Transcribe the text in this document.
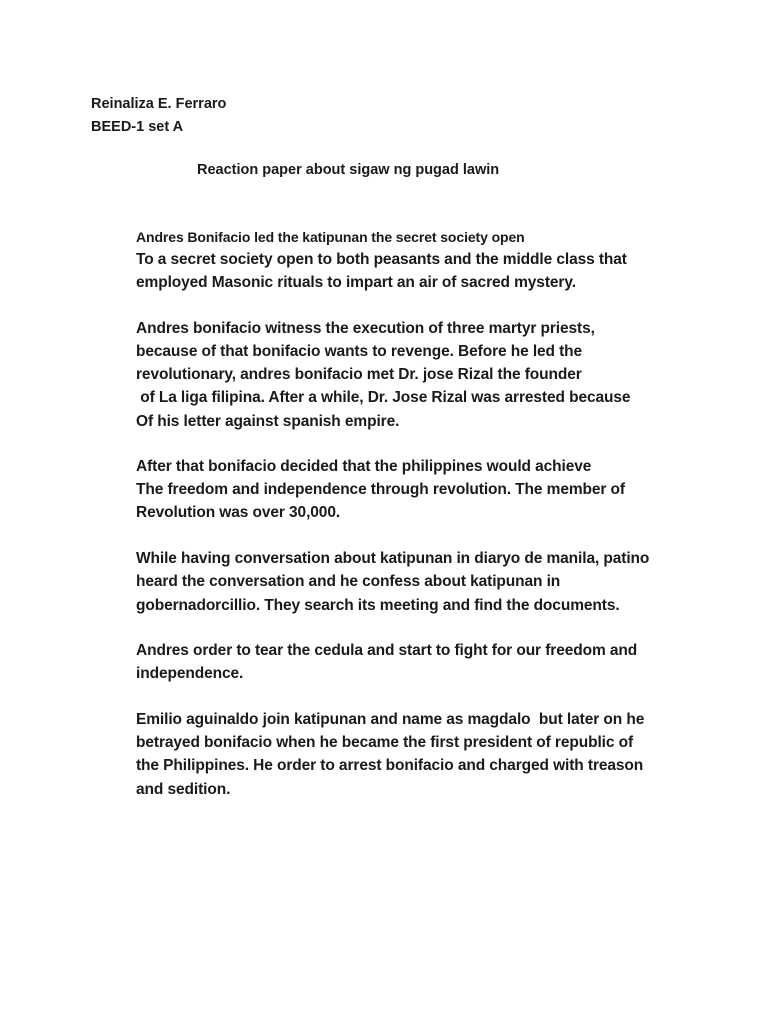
Reinaliza E. Ferraro
BEED-1 set A
Reaction paper about sigaw ng pugad lawin
Andres Bonifacio led the katipunan the secret society open
To a secret society open to both peasants and the middle class that
employed Masonic rituals to impart an air of sacred mystery.
Andres bonifacio witness the execution of three martyr priests,
because of that bonifacio wants to revenge. Before he led the
revolutionary, andres bonifacio met Dr. jose Rizal the founder
of La liga filipina. After a while, Dr. Jose Rizal was arrested because
Of his letter against spanish empire.
After that bonifacio decided that the philippines would achieve
The freedom and independence through revolution. The member of
Revolution was over 30,000.
While having conversation about katipunan in diaryo de manila, patino
heard the conversation and he confess about katipunan in
gobernadorcillio. They search its meeting and find the documents.
Andres order to tear the cedula and start to fight for our freedom and
independence.
Emilio aguinaldo join katipunan and name as magdalo  but later on he
betrayed bonifacio when he became the first president of republic of
the Philippines. He order to arrest bonifacio and charged with treason
and sedition.
